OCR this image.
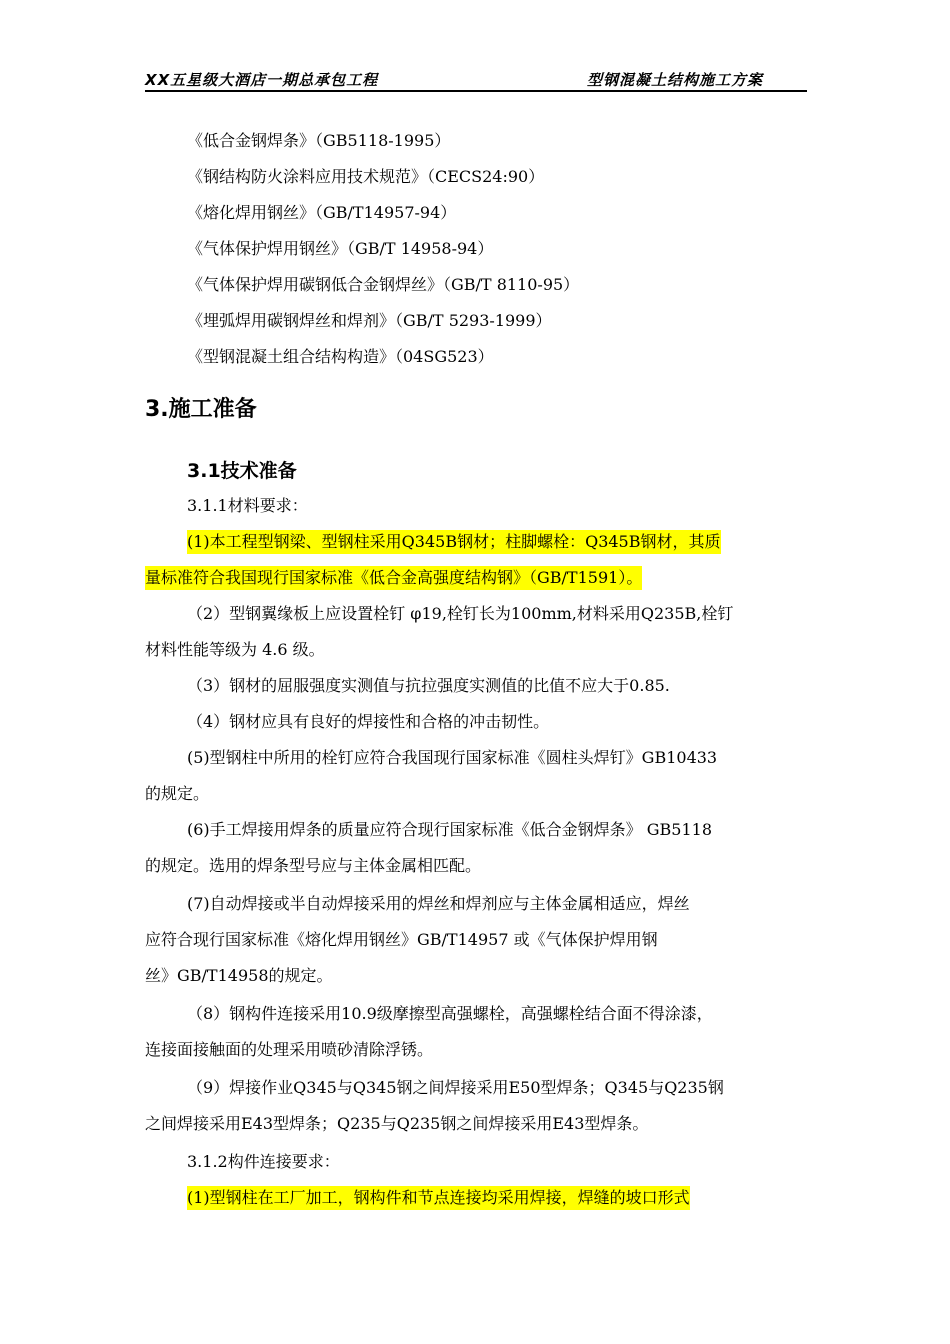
XX五星级大酒店一期总承包工程	型钢混凝土结构施工方案
《低合金钢焊条》（GB5118-1995）
《钢结构防火涂料应用技术规范》（CECS24:90）
《熔化焊用钢丝》（GB/T14957-94）
《气体保护焊用钢丝》（GB/T 14958-94）
《气体保护焊用碳钢低合金钢焊丝》（GB/T 8110-95）
《埋弧焊用碳钢焊丝和焊剂》（GB/T 5293-1999）
《型钢混凝土组合结构构造》（04SG523）
3.施工准备
3.1技术准备
3.1.1材料要求：
(1)本工程型钢梁、型钢柱采用Q345B钢材；柱脚螺栓：Q345B钢材，其质
量标准符合我国现行国家标准《低合金高强度结构钢》（GB/T1591）。
（2）型钢翼缘板上应设置栓钉 φ19,栓钉长为100mm,材料采用Q235B,栓钉
材料性能等级为 4.6 级。
（3）钢材的屈服强度实测值与抗拉强度实测值的比值不应大于0.85.
（4）钢材应具有良好的焊接性和合格的冲击韧性。
(5)型钢柱中所用的栓钉应符合我国现行国家标准《圆柱头焊钉》GB10433
的规定。
(6)手工焊接用焊条的质量应符合现行国家标准《低合金钢焊条》 GB5118
的规定。选用的焊条型号应与主体金属相匹配。
(7)自动焊接或半自动焊接采用的焊丝和焊剂应与主体金属相适应，焊丝
应符合现行国家标准《熔化焊用钢丝》GB/T14957 或《气体保护焊用钢
丝》GB/T14958的规定。
（8）钢构件连接采用10.9级摩擦型高强螺栓，高强螺栓结合面不得涂漆，
连接面接触面的处理采用喷砂清除浮锈。
（9）焊接作业Q345与Q345钢之间焊接采用E50型焊条；Q345与Q235钢
之间焊接采用E43型焊条；Q235与Q235钢之间焊接采用E43型焊条。
3.1.2构件连接要求：
(1)型钢柱在工厂加工，钢构件和节点连接均采用焊接，焊缝的坡口形式
